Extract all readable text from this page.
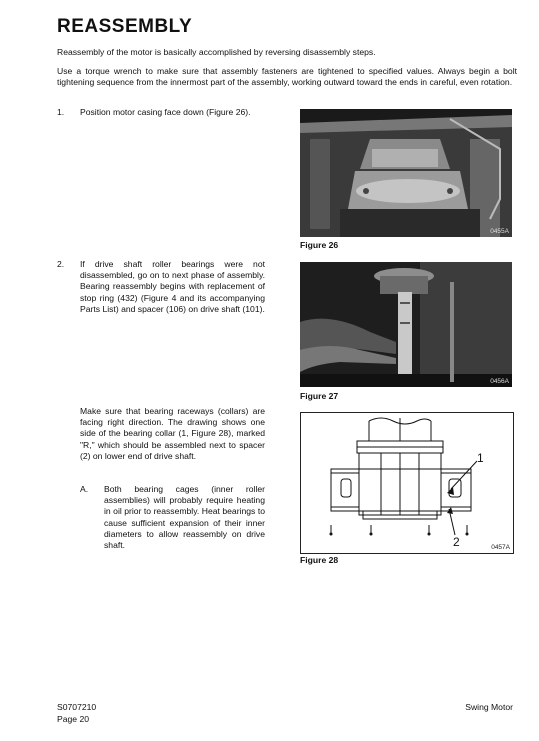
REASSEMBLY
Reassembly of the motor is basically accomplished by reversing disassembly steps.
Use a torque wrench to make sure that assembly fasteners are tightened to specified values. Always begin a bolt tightening sequence from the innermost part of the assembly, working outward toward the ends in careful, even rotation.
1. Position motor casing face down (Figure 26).
2. If drive shaft roller bearings were not disassembled, go on to next phase of assembly. Bearing reassembly begins with replacement of stop ring (432) (Figure 4 and its accompanying Parts List) and spacer (106) on drive shaft (101).
Make sure that bearing raceways (collars) are facing right direction. The drawing shows one side of the bearing collar (1, Figure 28), marked "R," which should be assembled next to spacer (2) on lower end of drive shaft.
A. Both bearing cages (inner roller assemblies) will probably require heating in oil prior to reassembly. Heat bearings to cause sufficient expansion of their inner diameters to allow reassembly on drive shaft.
0455A
Figure 26
0456A
Figure 27
1
2	0457A
Figure 28
S0707210
Page 20
Swing Motor
